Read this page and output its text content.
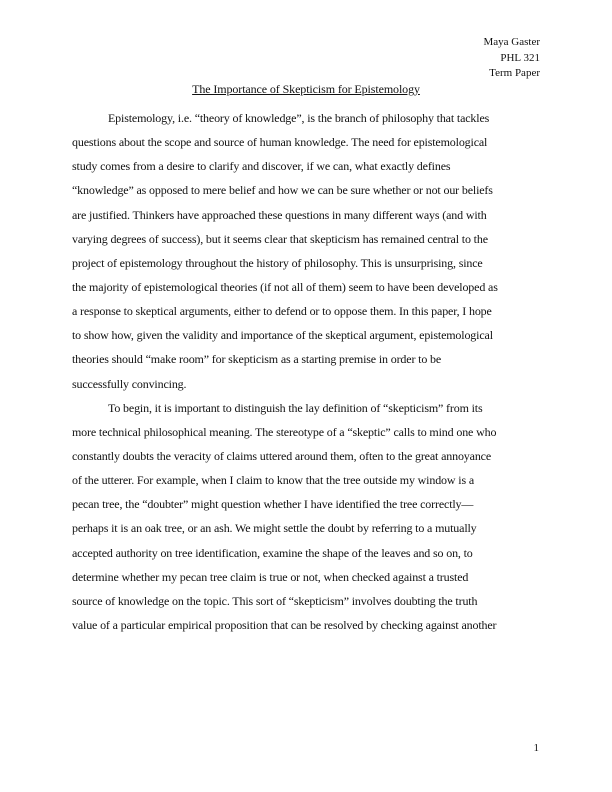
Maya Gaster
PHL 321
Term Paper
The Importance of Skepticism for Epistemology
Epistemology, i.e. “theory of knowledge”, is the branch of philosophy that tackles
questions about the scope and source of human knowledge. The need for epistemological
study comes from a desire to clarify and discover, if we can, what exactly defines
“knowledge” as opposed to mere belief and how we can be sure whether or not our beliefs
are justified. Thinkers have approached these questions in many different ways (and with
varying degrees of success), but it seems clear that skepticism has remained central to the
project of epistemology throughout the history of philosophy. This is unsurprising, since
the majority of epistemological theories (if not all of them) seem to have been developed as
a response to skeptical arguments, either to defend or to oppose them. In this paper, I hope
to show how, given the validity and importance of the skeptical argument, epistemological
theories should “make room” for skepticism as a starting premise in order to be
successfully convincing.
To begin, it is important to distinguish the lay definition of “skepticism” from its
more technical philosophical meaning. The stereotype of a “skeptic” calls to mind one who
constantly doubts the veracity of claims uttered around them, often to the great annoyance
of the utterer. For example, when I claim to know that the tree outside my window is a
pecan tree, the “doubter” might question whether I have identified the tree correctly—
perhaps it is an oak tree, or an ash. We might settle the doubt by referring to a mutually
accepted authority on tree identification, examine the shape of the leaves and so on, to
determine whether my pecan tree claim is true or not, when checked against a trusted
source of knowledge on the topic. This sort of “skepticism” involves doubting the truth
value of a particular empirical proposition that can be resolved by checking against another
1
